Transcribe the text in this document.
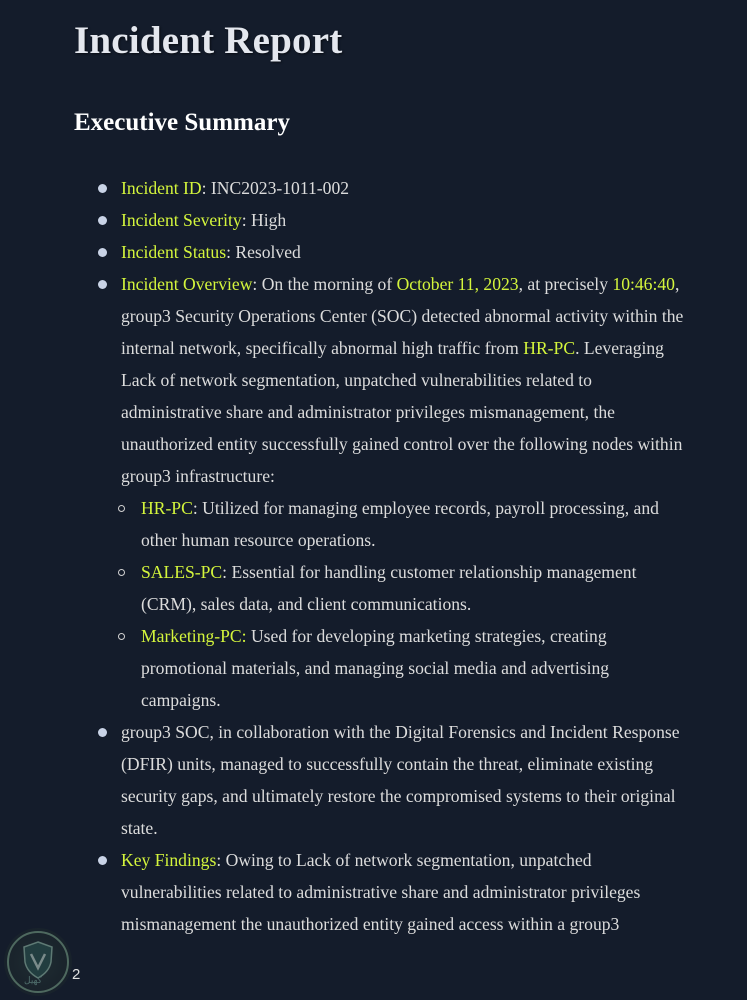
Incident Report
Executive Summary
Incident ID: INC2023-1011-002
Incident Severity: High
Incident Status: Resolved
Incident Overview: On the morning of October 11, 2023, at precisely 10:46:40, group3 Security Operations Center (SOC) detected abnormal activity within the internal network, specifically abnormal high traffic from HR-PC. Leveraging Lack of network segmentation, unpatched vulnerabilities related to administrative share and administrator privileges mismanagement, the unauthorized entity successfully gained control over the following nodes within group3 infrastructure:
HR-PC: Utilized for managing employee records, payroll processing, and other human resource operations.
SALES-PC: Essential for handling customer relationship management (CRM), sales data, and client communications.
Marketing-PC: Used for developing marketing strategies, creating promotional materials, and managing social media and advertising campaigns.
group3 SOC, in collaboration with the Digital Forensics and Incident Response (DFIR) units, managed to successfully contain the threat, eliminate existing security gaps, and ultimately restore the compromised systems to their original state.
Key Findings: Owing to Lack of network segmentation, unpatched vulnerabilities related to administrative share and administrator privileges mismanagement the unauthorized entity gained access within a group3
كهيل 2
